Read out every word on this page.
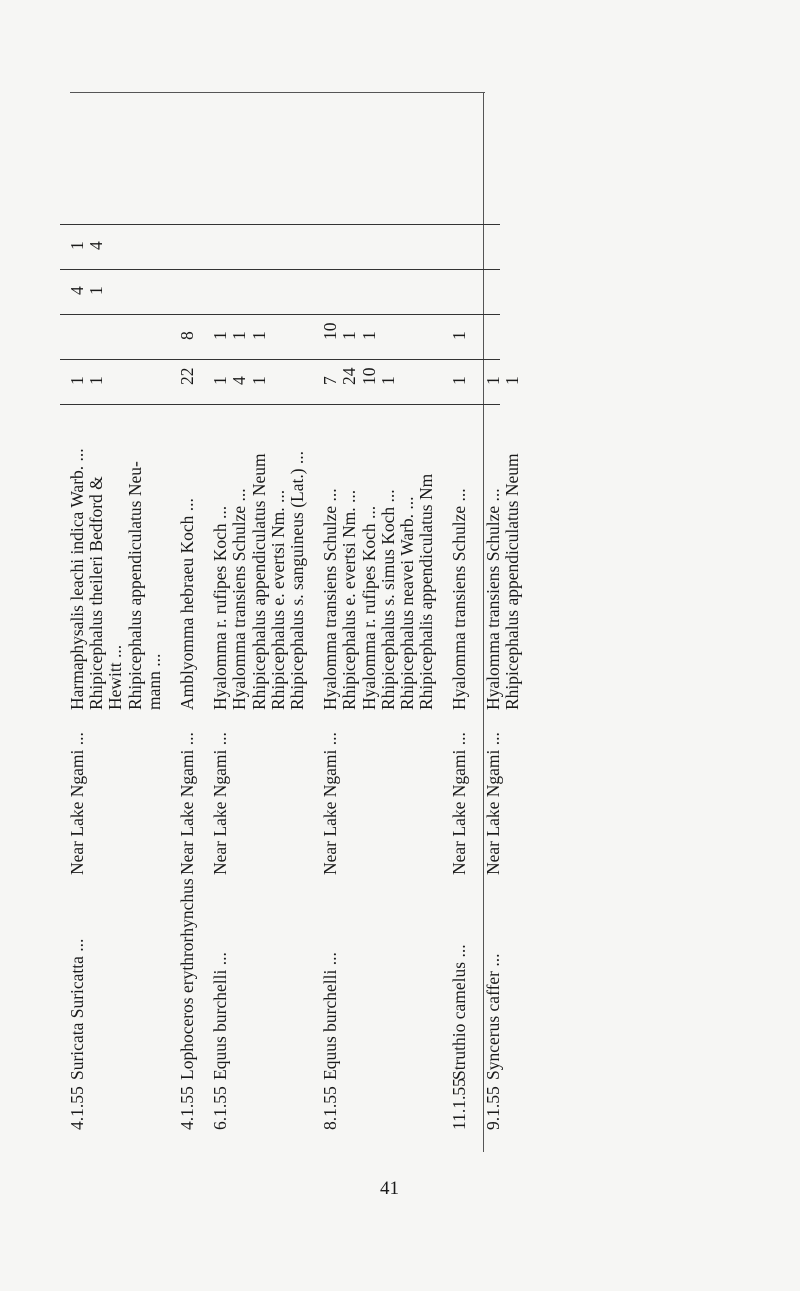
4.1.55
Suricata Suricatta ...
Near Lake Ngami ...
Harmaphysalis leachi indica Warb. ... Rhipicephalus theileri Bedford & Hewitt ... Rhipicephalus appendiculatus Neu- mann ...
1 1
4 1
1 4
4.1.55
Lophoceros erythrorhynchus
Near Lake Ngami ...
Amblyomma hebraeu Koch ...
22
8
6.1.55
Equus burchelli ...
Near Lake Ngami ...
Hyalomma r. rufipes Koch ... Hyalomma transiens Schulze ... Rhipicephalus appendiculatus Neum Rhipicephalus e. evertsi Nm. ... Rhipicephalus s. sanguineus (Lat.) ...
1 4 1
1 1 1
8.1.55
Equus burchelli ...
Near Lake Ngami ...
Hyalomma transiens Schulze ... Rhipicephalus e. evertsi Nm. ... Hyalomma r. rufipes Koch ... Rhipicephalus s. simus Koch ... Rhipicephalus neavei Warb. ... Rhipicephalis appendiculatus Nm
7 24 10 1
10 1 1
11.1.55
Struthio camelus ...
Near Lake Ngami ...
Hyalomma transiens Schulze ...
1
1
9.1.55
Syncerus caffer ...
Near Lake Ngami ...
Hyalomma transiens Schulze ... Rhipicephalus appendiculatus Neum
1 1
41
